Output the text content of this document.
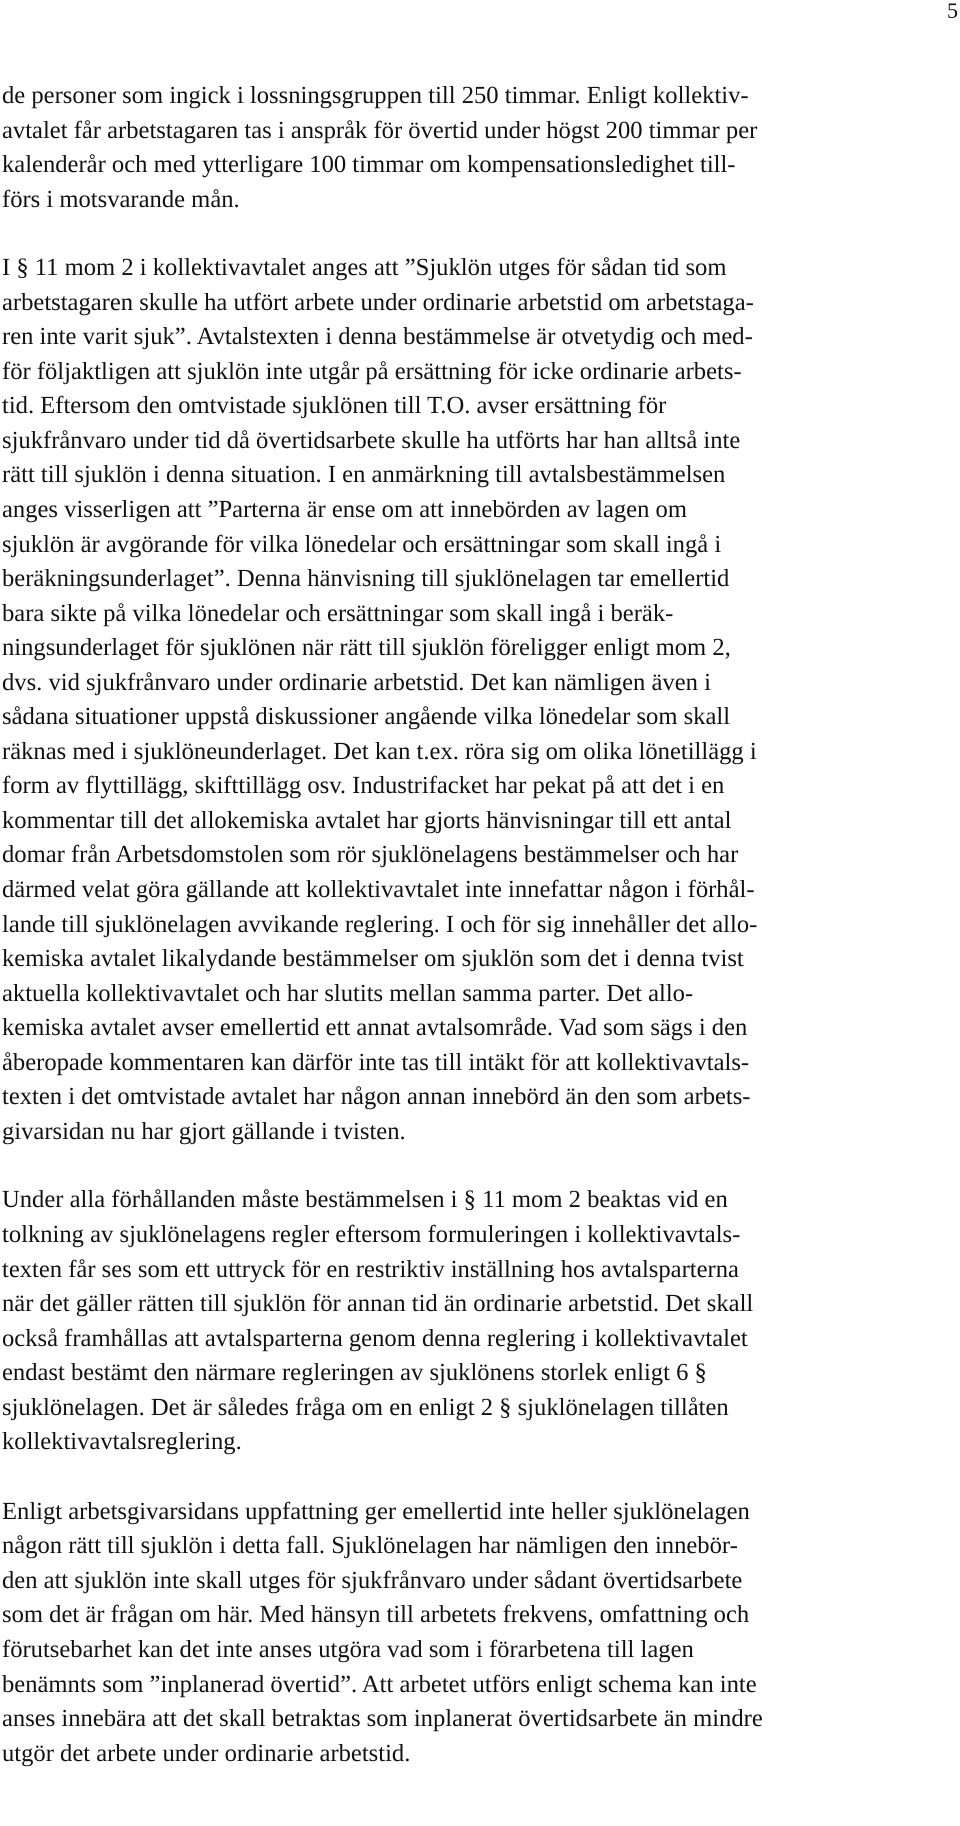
5
de personer som ingick i lossningsgruppen till 250 timmar. Enligt kollektiv-
avtalet får arbetstagaren tas i anspråk för övertid under högst 200 timmar per
kalenderår och med ytterligare 100 timmar om kompensationsledighet till-
förs i motsvarande mån.
I § 11 mom 2 i kollektivavtalet anges att ”Sjuklön utges för sådan tid som
arbetstagaren skulle ha utfört arbete under ordinarie arbetstid om arbetstaga-
ren inte varit sjuk”. Avtalstexten i denna bestämmelse är otvetydig och med-
för följaktligen att sjuklön inte utgår på ersättning för icke ordinarie arbets-
tid. Eftersom den omtvistade sjuklönen till T.O. avser ersättning för
sjukfrånvaro under tid då övertidsarbete skulle ha utförts har han alltså inte
rätt till sjuklön i denna situation. I en anmärkning till avtalsbestämmelsen
anges visserligen att ”Parterna är ense om att innebörden av lagen om
sjuklön är avgörande för vilka lönedelar och ersättningar som skall ingå i
beräkningsunderlaget”. Denna hänvisning till sjuklönelagen tar emellertid
bara sikte på vilka lönedelar och ersättningar som skall ingå i beräk-
ningsunderlaget för sjuklönen när rätt till sjuklön föreligger enligt mom 2,
dvs. vid sjukfrånvaro under ordinarie arbetstid. Det kan nämligen även i
sådana situationer uppstå diskussioner angående vilka lönedelar som skall
räknas med i sjuklöneunderlaget. Det kan t.ex. röra sig om olika lönetillägg i
form av flyttillägg, skifttillägg osv. Industrifacket har pekat på att det i en
kommentar till det allokemiska avtalet har gjorts hänvisningar till ett antal
domar från Arbetsdomstolen som rör sjuklönelagens bestämmelser och har
därmed velat göra gällande att kollektivavtalet inte innefattar någon i förhål-
lande till sjuklönelagen avvikande reglering. I och för sig innehåller det allo-
kemiska avtalet likalydande bestämmelser om sjuklön som det i denna tvist
aktuella kollektivavtalet och har slutits mellan samma parter. Det allo-
kemiska avtalet avser emellertid ett annat avtalsområde. Vad som sägs i den
åberopade kommentaren kan därför inte tas till intäkt för att kollektivavtals-
texten i det omtvistade avtalet har någon annan innebörd än den som arbets-
givarsidan nu har gjort gällande i tvisten.
Under alla förhållanden måste bestämmelsen i § 11 mom 2 beaktas vid en
tolkning av sjuklönelagens regler eftersom formuleringen i kollektivavtals-
texten får ses som ett uttryck för en restriktiv inställning hos avtalsparterna
när det gäller rätten till sjuklön för annan tid än ordinarie arbetstid. Det skall
också framhållas att avtalsparterna genom denna reglering i kollektivavtalet
endast bestämt den närmare regleringen av sjuklönens storlek enligt 6 §
sjuklönelagen. Det är således fråga om en enligt 2 § sjuklönelagen tillåten
kollektivavtalsreglering.
Enligt arbetsgivarsidans uppfattning ger emellertid inte heller sjuklönelagen
någon rätt till sjuklön i detta fall. Sjuklönelagen har nämligen den innebör-
den att sjuklön inte skall utges för sjukfrånvaro under sådant övertidsarbete
som det är frågan om här. Med hänsyn till arbetets frekvens, omfattning och
förutsebarhet kan det inte anses utgöra vad som i förarbetena till lagen
benämnts som ”inplanerad övertid”. Att arbetet utförs enligt schema kan inte
anses innebära att det skall betraktas som inplanerat övertidsarbete än mindre
utgör det arbete under ordinarie arbetstid.
